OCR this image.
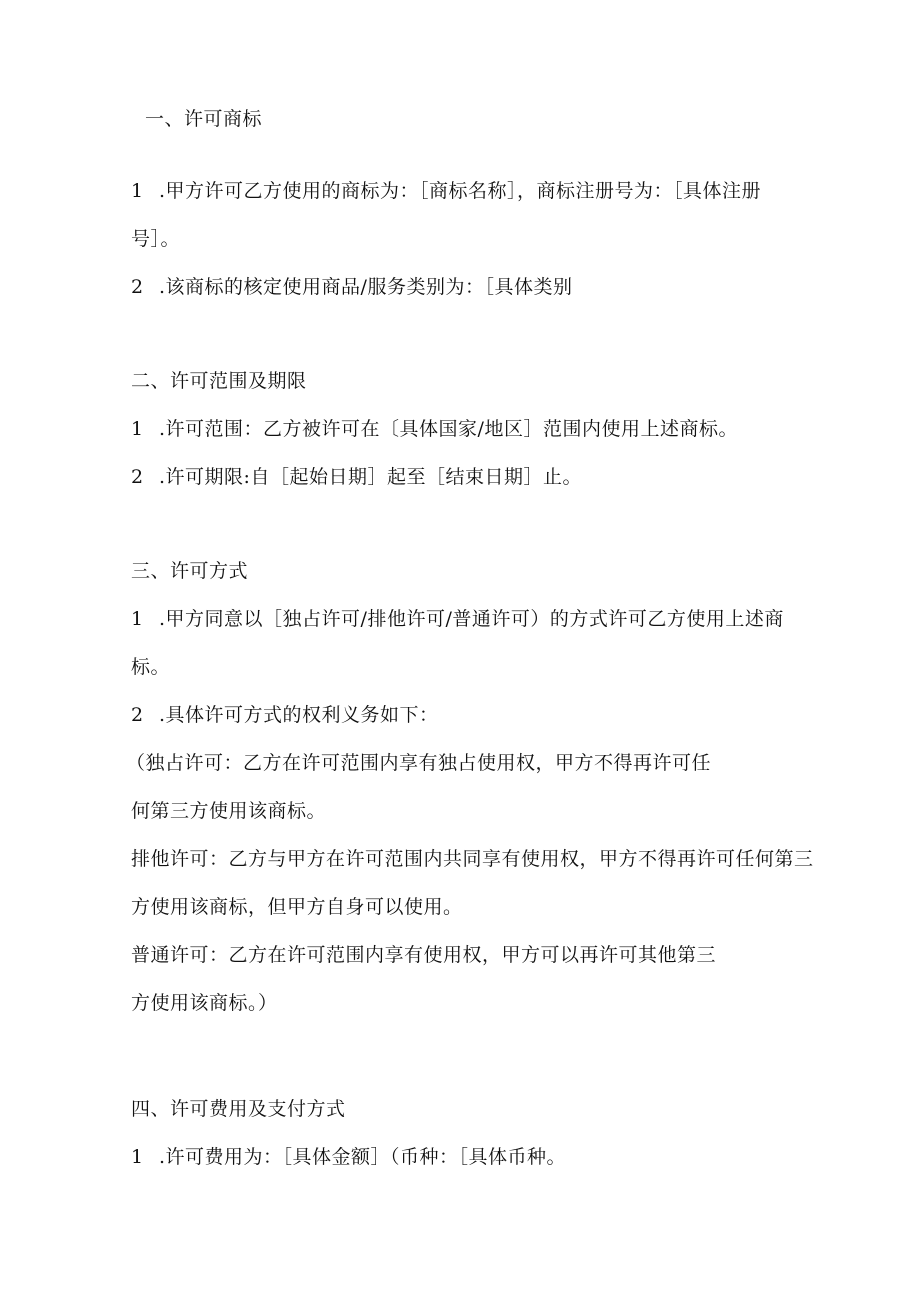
一、许可商标
1 .甲方许可乙方使用的商标为：［商标名称］，商标注册号为：［具体注册
号］。
2 .该商标的核定使用商品/服务类别为：［具体类别
二、许可范围及期限
1 .许可范围：乙方被许可在〔具体国家/地区］范围内使用上述商标。
2 .许可期限:自［起始日期］起至［结束日期］止。
三、许可方式
1 .甲方同意以［独占许可/排他许可/普通许可）的方式许可乙方使用上述商
标。
2 .具体许可方式的权利义务如下：
（独占许可：乙方在许可范围内享有独占使用权，甲方不得再许可任
何第三方使用该商标。
排他许可：乙方与甲方在许可范围内共同享有使用权，甲方不得再许可任何第三
方使用该商标，但甲方自身可以使用。
普通许可：乙方在许可范围内享有使用权，甲方可以再许可其他第三
方使用该商标。）
四、许可费用及支付方式
1 .许可费用为：［具体金额］（币种：［具体币种。
